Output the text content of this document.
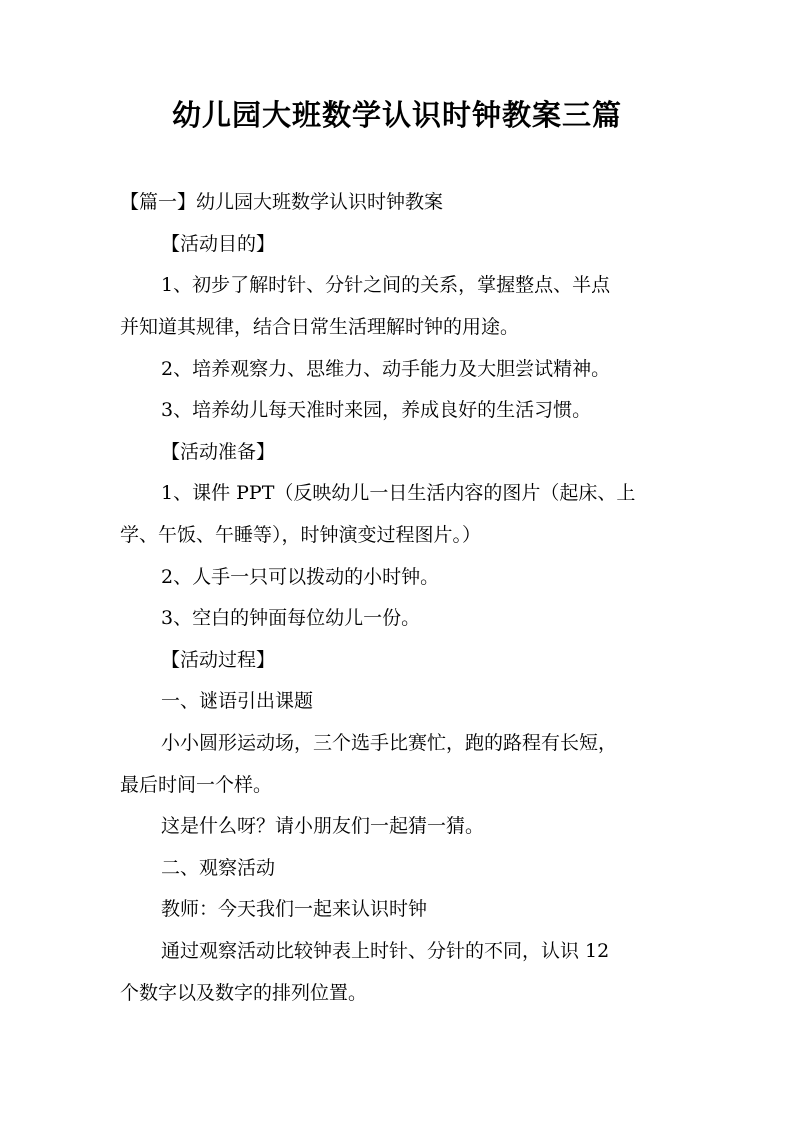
幼儿园大班数学认识时钟教案三篇
【篇一】幼儿园大班数学认识时钟教案
【活动目的】
1、初步了解时针、分针之间的关系，掌握整点、半点
并知道其规律，结合日常生活理解时钟的用途。
2、培养观察力、思维力、动手能力及大胆尝试精神。
3、培养幼儿每天准时来园，养成良好的生活习惯。
【活动准备】
1、课件 PPT（反映幼儿一日生活内容的图片（起床、上
学、午饭、午睡等），时钟演变过程图片。）
2、人手一只可以拨动的小时钟。
3、空白的钟面每位幼儿一份。
【活动过程】
一、谜语引出课题
小小圆形运动场，三个选手比赛忙，跑的路程有长短，
最后时间一个样。
这是什么呀？请小朋友们一起猜一猜。
二、观察活动
教师：今天我们一起来认识时钟
通过观察活动比较钟表上时针、分针的不同，认识 12
个数字以及数字的排列位置。
